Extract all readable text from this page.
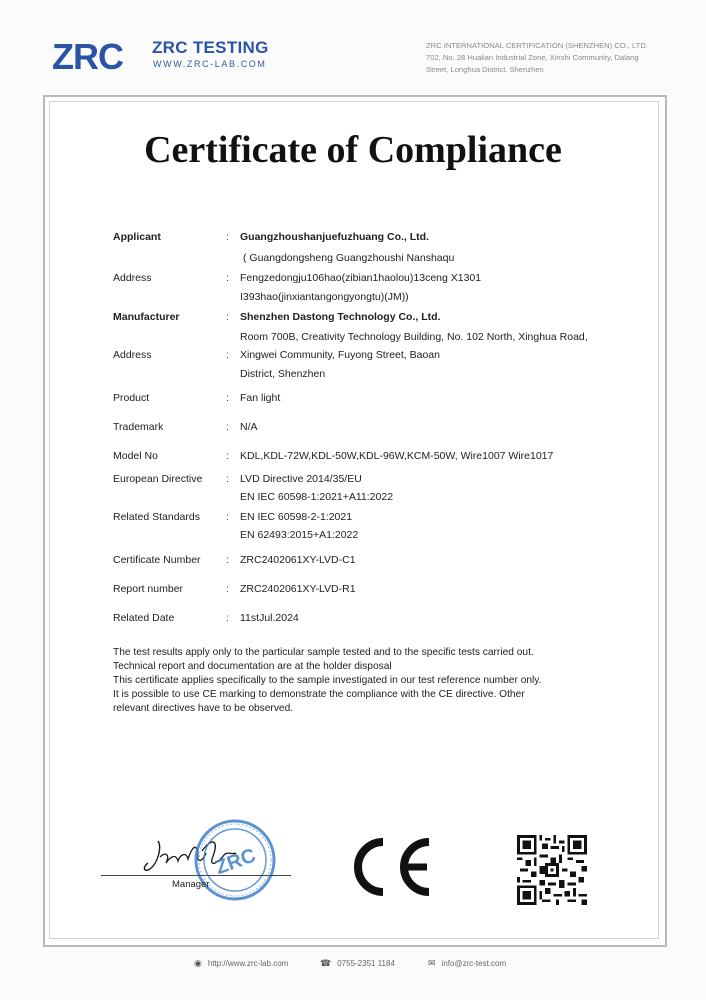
ZRC ZRC TESTING
WWW.ZRC-LAB.COM
ZRC INTERNATIONAL CERTIFICATION (SHENZHEN) CO., LTD.
702, No. 28 Hualian Industrial Zone, Xinshi Community, Dalang
Street, Longhua District, Shenzhen
Certificate of Compliance
Applicant	: Guangzhoushanjuefuzhuang Co., Ltd.
( Guangdongsheng Guangzhoushi Nanshaqu
Address	: Fengzedongju106hao(zibian1haolou)13ceng X1301
I393hao(jinxiantangongyongtu)(JM))
Manufacturer	: Shenzhen Dastong Technology Co., Ltd.
Room 700B, Creativity Technology Building, No. 102 North, Xinghua Road,
Address	: Xingwei Community, Fuyong Street, Baoan
District, Shenzhen
Product	: Fan light
Trademark	: N/A
Model No	: KDL,KDL-72W,KDL-50W,KDL-96W,KCM-50W, Wire1007 Wire1017
European Directive : LVD Directive 2014/35/EU
EN IEC 60598-1:2021+A11:2022
Related Standards : EN IEC 60598-2-1:2021
EN 62493:2015+A1:2022
Certificate Number : ZRC2402061XY-LVD-C1
Report number	: ZRC2402061XY-LVD-R1
Related Date	: 11stJul.2024
The test results apply only to the particular sample tested and to the specific tests carried out.
Technical report and documentation are at the holder disposal
This certificate applies specifically to the sample investigated in our test reference number only.
It is possible to use CE marking to demonstrate the compliance with the CE directive. Other
relevant directives have to be observed.
ZRC
Manager
◉ http://www.zrc-lab.com	☎ 0755-2351 1184	✉ info@zrc-test.com
